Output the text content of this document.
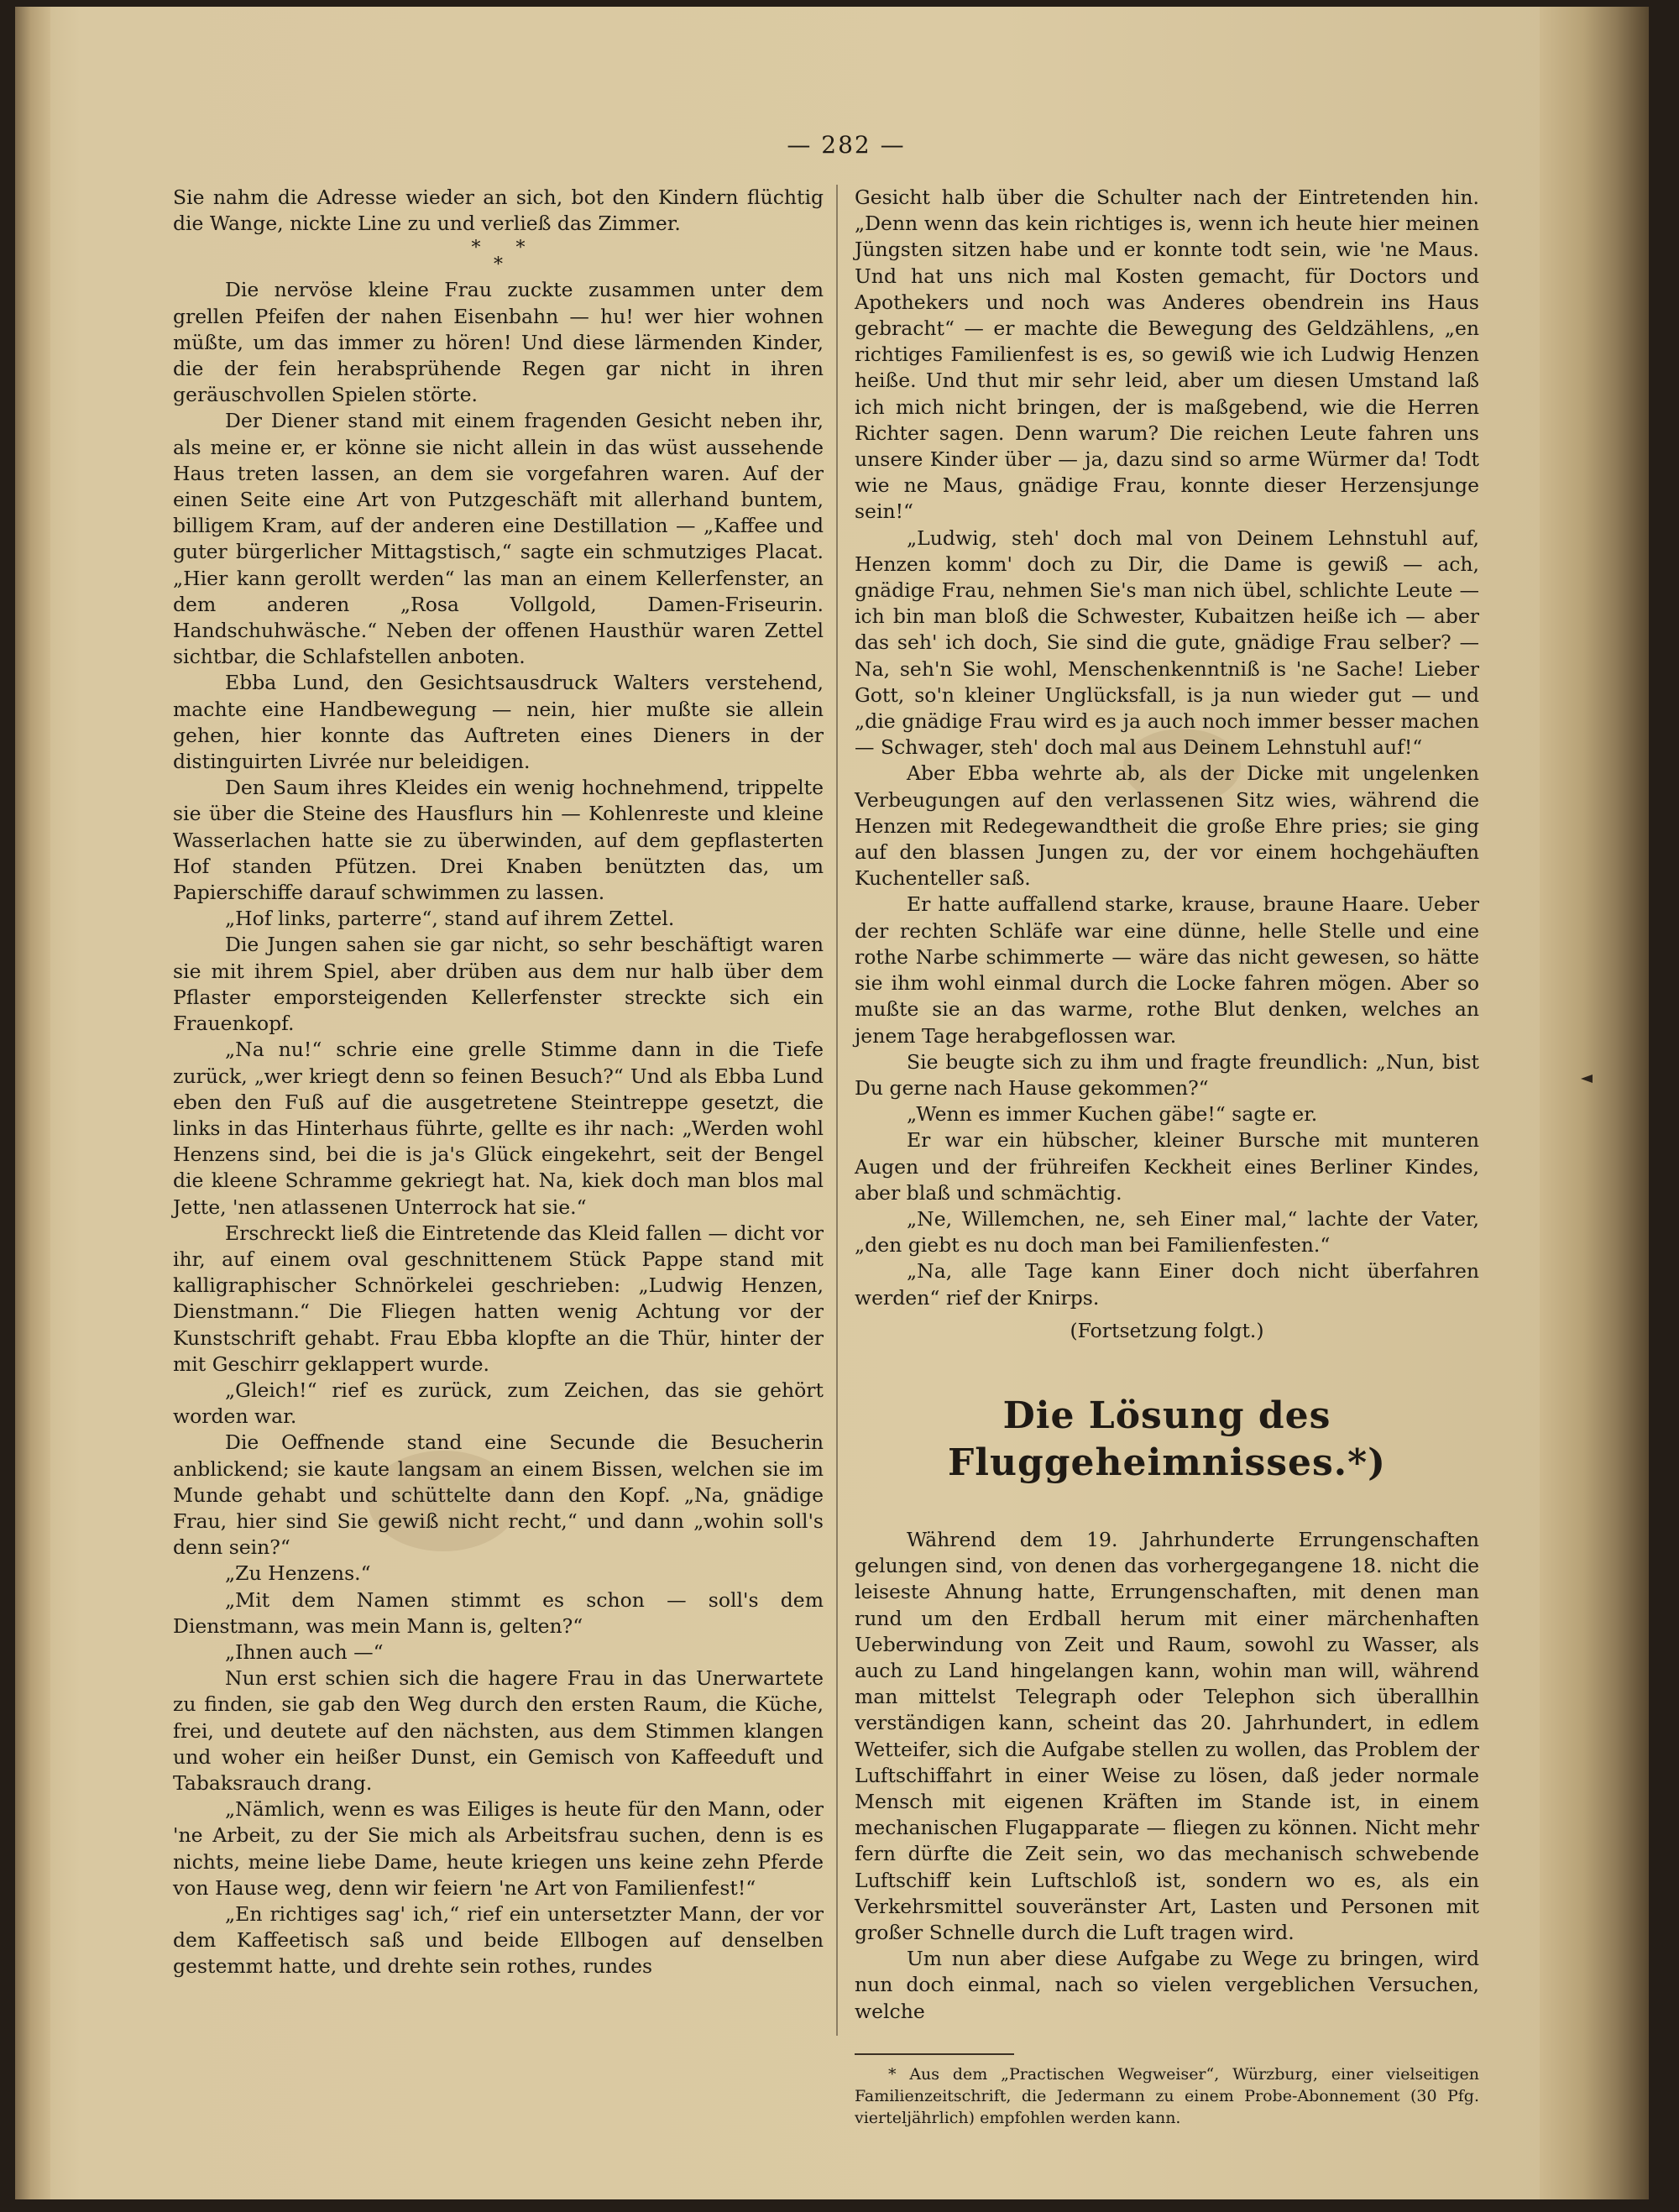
— 282 —

Sie nahm die Adresse wieder an sich, bot den Kindern flüchtig die Wange, nickte Line zu und verließ das Zimmer.

*      *
*

Die nervöse kleine Frau zuckte zusammen unter dem grellen Pfeifen der nahen Eisenbahn — hu! wer hier wohnen müßte, um das immer zu hören! Und diese lärmenden Kinder, die der fein herabsprühende Regen gar nicht in ihren geräuschvollen Spielen störte.

Der Diener stand mit einem fragenden Gesicht neben ihr, als meine er, er könne sie nicht allein in das wüst aussehende Haus treten lassen, an dem sie vorgefahren waren. Auf der einen Seite eine Art von Putzgeschäft mit allerhand buntem, billigem Kram, auf der anderen eine Destillation — „Kaffee und guter bürgerlicher Mittagstisch,“ sagte ein schmutziges Placat. „Hier kann gerollt werden“ las man an einem Kellerfenster, an dem anderen „Rosa Vollgold, Damen-Friseurin. Handschuhwäsche.“ Neben der offenen Hausthür waren Zettel sichtbar, die Schlafstellen anboten.

Ebba Lund, den Gesichtsausdruck Walters verstehend, machte eine Handbewegung — nein, hier mußte sie allein gehen, hier konnte das Auftreten eines Dieners in der distinguirten Livrée nur beleidigen.

Den Saum ihres Kleides ein wenig hochnehmend, trippelte sie über die Steine des Hausflurs hin — Kohlenreste und kleine Wasserlachen hatte sie zu überwinden, auf dem gepflasterten Hof standen Pfützen. Drei Knaben benützten das, um Papierschiffe darauf schwimmen zu lassen.

„Hof links, parterre“, stand auf ihrem Zettel.

Die Jungen sahen sie gar nicht, so sehr beschäftigt waren sie mit ihrem Spiel, aber drüben aus dem nur halb über dem Pflaster emporsteigenden Kellerfenster streckte sich ein Frauenkopf.

„Na nu!“ schrie eine grelle Stimme dann in die Tiefe zurück, „wer kriegt denn so feinen Besuch?“ Und als Ebba Lund eben den Fuß auf die ausgetretene Steintreppe gesetzt, die links in das Hinterhaus führte, gellte es ihr nach: „Werden wohl Henzens sind, bei die is ja's Glück eingekehrt, seit der Bengel die kleene Schramme gekriegt hat. Na, kiek doch man blos mal Jette, 'nen atlassenen Unterrock hat sie.“

Erschreckt ließ die Eintretende das Kleid fallen — dicht vor ihr, auf einem oval geschnittenem Stück Pappe stand mit kalligraphischer Schnörkelei geschrieben: „Ludwig Henzen, Dienstmann.“ Die Fliegen hatten wenig Achtung vor der Kunstschrift gehabt. Frau Ebba klopfte an die Thür, hinter der mit Geschirr geklappert wurde.

„Gleich!“ rief es zurück, zum Zeichen, das sie gehört worden war.

Die Oeffnende stand eine Secunde die Besucherin anblickend; sie kaute langsam an einem Bissen, welchen sie im Munde gehabt und schüttelte dann den Kopf. „Na, gnädige Frau, hier sind Sie gewiß nicht recht,“ und dann „wohin soll's denn sein?“

„Zu Henzens.“

„Mit dem Namen stimmt es schon — soll's dem Dienstmann, was mein Mann is, gelten?“

„Ihnen auch —“

Nun erst schien sich die hagere Frau in das Unerwartete zu finden, sie gab den Weg durch den ersten Raum, die Küche, frei, und deutete auf den nächsten, aus dem Stimmen klangen und woher ein heißer Dunst, ein Gemisch von Kaffeeduft und Tabaksrauch drang.

„Nämlich, wenn es was Eiliges is heute für den Mann, oder 'ne Arbeit, zu der Sie mich als Arbeitsfrau suchen, denn is es nichts, meine liebe Dame, heute kriegen uns keine zehn Pferde von Hause weg, denn wir feiern 'ne Art von Familienfest!“

„En richtiges sag' ich,“ rief ein untersetzter Mann, der vor dem Kaffeetisch saß und beide Ellbogen auf denselben gestemmt hatte, und drehte sein rothes, rundes

Gesicht halb über die Schulter nach der Eintretenden hin. „Denn wenn das kein richtiges is, wenn ich heute hier meinen Jüngsten sitzen habe und er konnte todt sein, wie 'ne Maus. Und hat uns nich mal Kosten gemacht, für Doctors und Apothekers und noch was Anderes obendrein ins Haus gebracht“ — er machte die Bewegung des Geldzählens, „en richtiges Familienfest is es, so gewiß wie ich Ludwig Henzen heiße. Und thut mir sehr leid, aber um diesen Umstand laß ich mich nicht bringen, der is maßgebend, wie die Herren Richter sagen. Denn warum? Die reichen Leute fahren uns unsere Kinder über — ja, dazu sind so arme Würmer da! Todt wie ne Maus, gnädige Frau, konnte dieser Herzensjunge sein!“

„Ludwig, steh' doch mal von Deinem Lehnstuhl auf, Henzen komm' doch zu Dir, die Dame is gewiß — ach, gnädige Frau, nehmen Sie's man nich übel, schlichte Leute — ich bin man bloß die Schwester, Kubaitzen heiße ich — aber das seh' ich doch, Sie sind die gute, gnädige Frau selber? — Na, seh'n Sie wohl, Menschenkenntniß is 'ne Sache! Lieber Gott, so'n kleiner Unglücksfall, is ja nun wieder gut — und „die gnädige Frau wird es ja auch noch immer besser machen — Schwager, steh' doch mal aus Deinem Lehnstuhl auf!“

Aber Ebba wehrte ab, als der Dicke mit ungelenken Verbeugungen auf den verlassenen Sitz wies, während die Henzen mit Redegewandtheit die große Ehre pries; sie ging auf den blassen Jungen zu, der vor einem hochgehäuften Kuchenteller saß.

Er hatte auffallend starke, krause, braune Haare. Ueber der rechten Schläfe war eine dünne, helle Stelle und eine rothe Narbe schimmerte — wäre das nicht gewesen, so hätte sie ihm wohl einmal durch die Locke fahren mögen. Aber so mußte sie an das warme, rothe Blut denken, welches an jenem Tage herabgeflossen war.

Sie beugte sich zu ihm und fragte freundlich: „Nun, bist Du gerne nach Hause gekommen?“

„Wenn es immer Kuchen gäbe!“ sagte er.

Er war ein hübscher, kleiner Bursche mit munteren Augen und der frühreifen Keckheit eines Berliner Kindes, aber blaß und schmächtig.

„Ne, Willemchen, ne, seh Einer mal,“ lachte der Vater, „den giebt es nu doch man bei Familienfesten.“

„Na, alle Tage kann Einer doch nicht überfahren werden“ rief der Knirps.

(Fortsetzung folgt.)

Die Lösung des Fluggeheimnisses.*)

Während dem 19. Jahrhunderte Errungenschaften gelungen sind, von denen das vorhergegangene 18. nicht die leiseste Ahnung hatte, Errungenschaften, mit denen man rund um den Erdball herum mit einer märchenhaften Ueberwindung von Zeit und Raum, sowohl zu Wasser, als auch zu Land hingelangen kann, wohin man will, während man mittelst Telegraph oder Telephon sich überallhin verständigen kann, scheint das 20. Jahrhundert, in edlem Wetteifer, sich die Aufgabe stellen zu wollen, das Problem der Luftschiffahrt in einer Weise zu lösen, daß jeder normale Mensch mit eigenen Kräften im Stande ist, in einem mechanischen Flugapparate — fliegen zu können. Nicht mehr fern dürfte die Zeit sein, wo das mechanisch schwebende Luftschiff kein Luftschloß ist, sondern wo es, als ein Verkehrsmittel souveränster Art, Lasten und Personen mit großer Schnelle durch die Luft tragen wird.

Um nun aber diese Aufgabe zu Wege zu bringen, wird nun doch einmal, nach so vielen vergeblichen Versuchen, welche

* Aus dem „Practischen Wegweiser“, Würzburg, einer vielseitigen Familienzeitschrift, die Jedermann zu einem Probe-Abonnement (30 Pfg. vierteljährlich) empfohlen werden kann.
